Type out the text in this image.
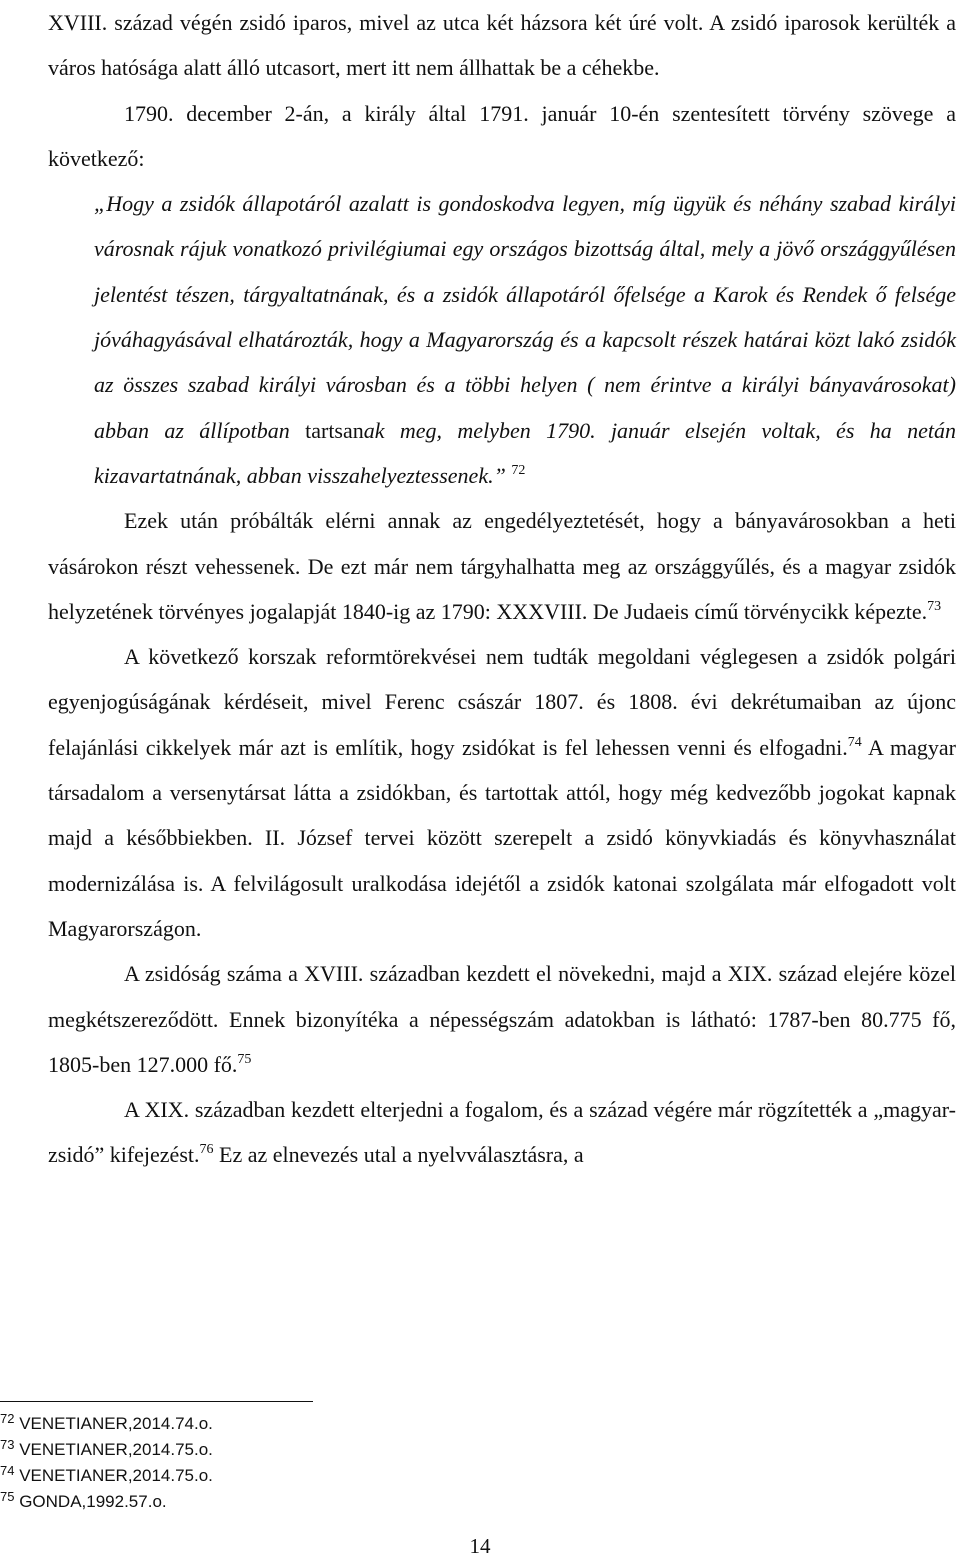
XVIII. század végén zsidó iparos, mivel az utca két házsora két úré volt. A zsidó iparosok kerülték a város hatósága alatt álló utcasort, mert itt nem állhattak be a céhekbe.

1790. december 2-án, a király által 1791. január 10-én szentesített törvény szövege a következő:

„Hogy a zsidók állapotáról azalatt is gondoskodva legyen, míg ügyük és néhány szabad királyi városnak rájuk vonatkozó privilégiumai egy országos bizottság által, mely a jövő országgyűlésen jelentést tészen, tárgyaltatnának, és a zsidók állapotáról őfelsége a Karok és Rendek ő felsége jóváhagyásával elhatározták, hogy a Magyarország és a kapcsolt részek határai közt lakó zsidók az összes szabad királyi városban és a többi helyen ( nem érintve a királyi bányavárosokat) abban az állípotban tartsanak meg, melyben 1790. január elsején voltak, és ha netán kizavartatnának, abban visszahelyeztessenek.” $^{72}$

Ezek után próbálták elérni annak az engedélyeztetését, hogy a bányavárosokban a heti vásárokon részt vehessenek. De ezt már nem tárgyhalhatta meg az országgyűlés, és a magyar zsidók helyzetének törvényes jogalapját 1840-ig az 1790: XXXVIII. De Judaeis című törvénycikk képezte.$^{73}$

A következő korszak reformtörekvései nem tudták megoldani véglegesen a zsidók polgári egyenjogúságának kérdéseit, mivel Ferenc császár 1807. és 1808. évi dekrétumaiban az újonc felajánlási cikkelyek már azt is említik, hogy zsidókat is fel lehessen venni és elfogadni.$^{74}$ A magyar társadalom a versenytársat látta a zsidókban, és tartottak attól, hogy még kedvezőbb jogokat kapnak majd a későbbiekben. II. József tervei között szerepelt a zsidó könyvkiadás és könyvhasználat modernizálása is. A felvilágosult uralkodása idejétől a zsidók katonai szolgálata már elfogadott volt Magyarországon.

A zsidóság száma a XVIII. században kezdett el növekedni, majd a XIX. század elejére közel megkétszereződött. Ennek bizonyítéka a népességszám adatokban is látható: 1787-ben 80.775 fő, 1805-ben 127.000 fő.$^{75}$

A XIX. században kezdett elterjedni a fogalom, és a század végére már rögzítették a „magyar-zsidó” kifejezést.$^{76}$ Ez az elnevezés utal a nyelvválasztásra, a

$^{72}$ VENETIANER,2014.74.o.
$^{73}$ VENETIANER,2014.75.o.
$^{74}$ VENETIANER,2014.75.o.
$^{75}$ GONDA,1992.57.o.
14
